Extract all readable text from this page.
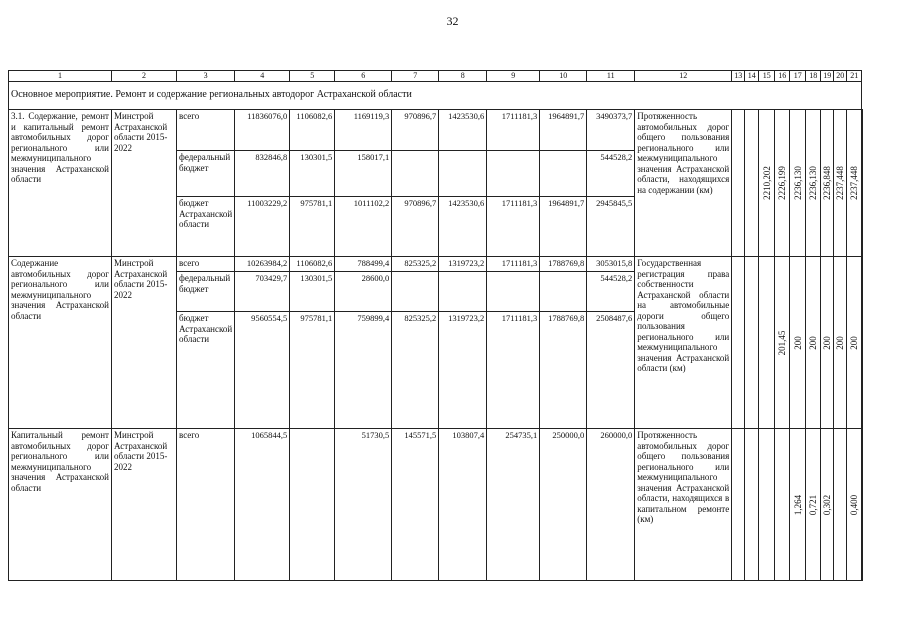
32
1	2	3	4	5	6	7	8	9	10	11	12	13	14	15	16	17	18	19	20	21	
Основное мероприятие. Ремонт и содержание региональных автодорог Астраханской области																					
3.1. Содержание, ремонт и капитальный ремонт автомобильных дорог регионального или межмуниципального значения Астраханской области	Минстрой Астраханской области 2015-2022	всего	11836076,0	1106082,6	1169119,3	970896,7	1423530,6	1711181,3	1964891,7	3490373,7	Протяженность автомобильных дорог общего пользования регионального или межмуниципального значения Астраханской области, находящихся на содержании (км)			2210,202	2226,199	2236,130	2236,130	2236,848	2237,448	2237,448

		федеральный бюджет	832846,8	130301,5	158017,1					544528,2											
		бюджет Астраханской области	11003229,2	975781,1	1011102,2	970896,7	1423530,6	1711181,3	1964891,7	2945845,5											
Содержание автомобильных дорог регионального или межмуниципального значения Астраханской области	Минстрой Астраханской области 2015-2022	всего	10263984,2	1106082,6	788499,4	825325,2	1319723,2	1711181,3	1788769,8	3053015,8	Государственная регистрация права собственности Астраханской области на автомобильные дороги общего пользования регионального или межмуниципального значения Астраханской области (км)				201,45	200	200	200	200	200

		федеральный бюджет	703429,7	130301,5	28600,0					544528,2											
		бюджет Астраханской области	9560554,5	975781,1	759899,4	825325,2	1319723,2	1711181,3	1788769,8	2508487,6											
Капитальный ремонт автомобильных дорог регионального или межмуниципального значения Астраханской области	Минстрой Астраханской области 2015-2022	всего	1065844,5		51730,5	145571,5	103807,4	254735,1	250000,0	260000,0	Протяженность автомобильных дорог общего пользования регионального или межмуниципального значения Астраханской области, находящихся в капитальном ремонте (км)					1,264	0,721	0,302		0,400
